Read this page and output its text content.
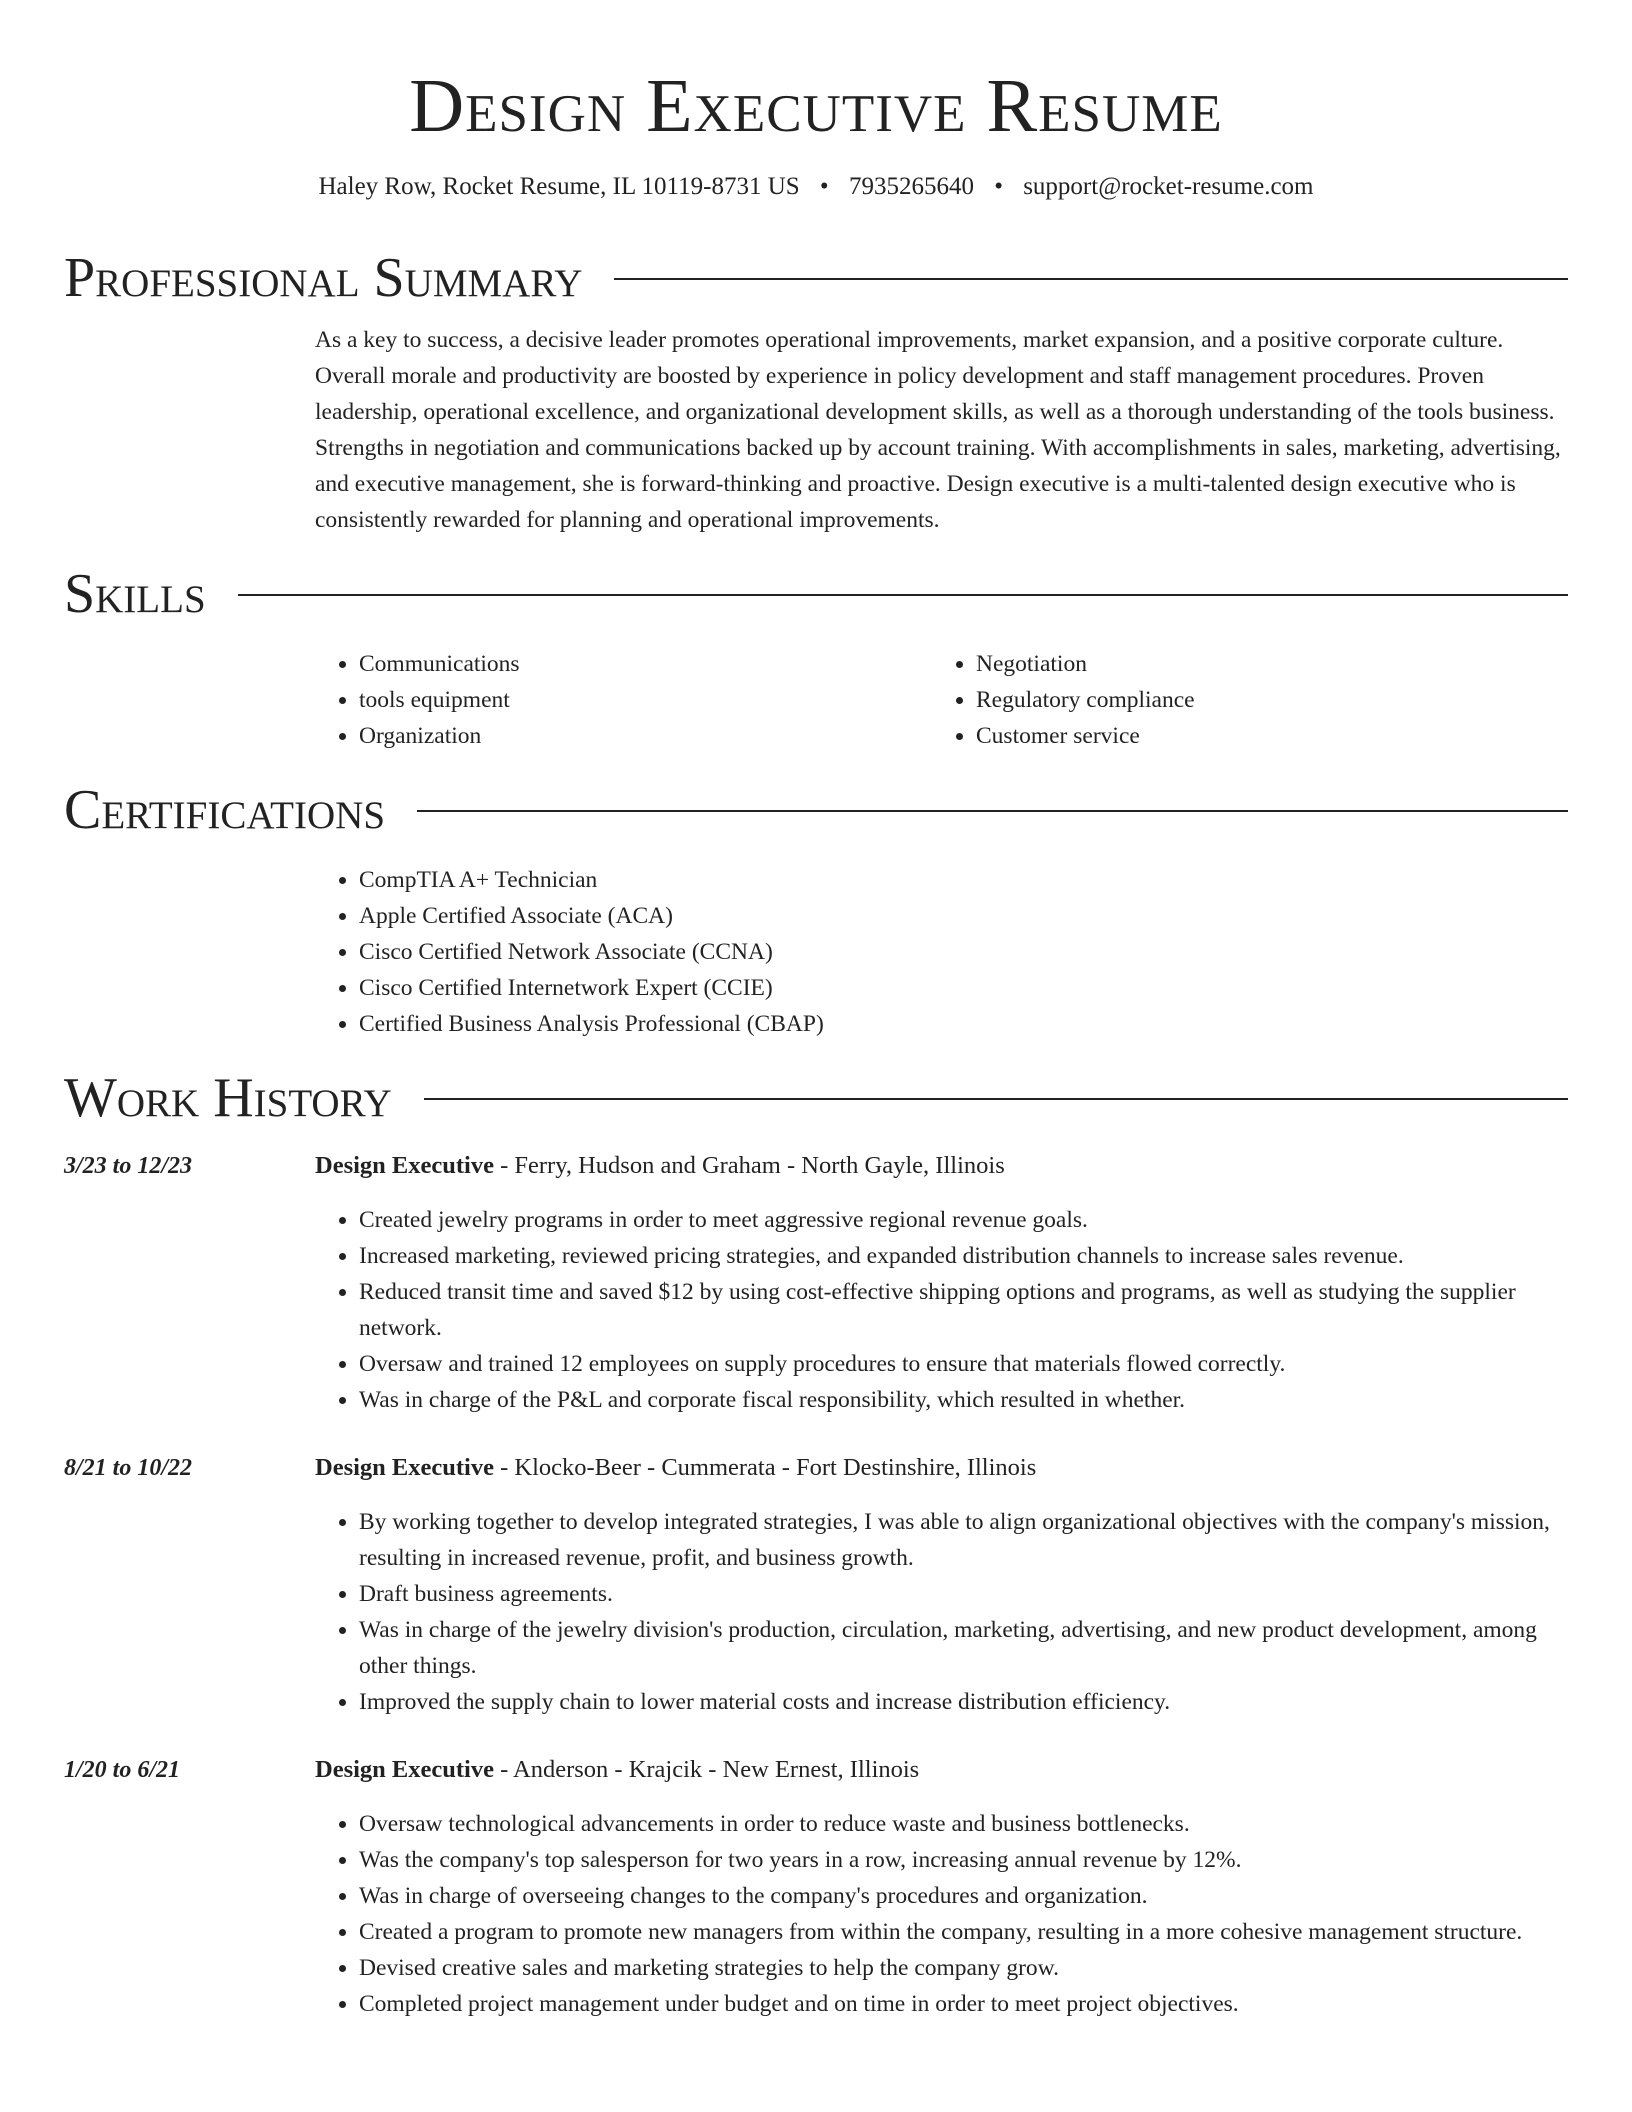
Design Executive Resume
Haley Row, Rocket Resume, IL 10119-8731 US • 7935265640 • support@rocket-resume.com
Professional Summary

As a key to success, a decisive leader promotes operational improvements, market expansion, and a positive corporate culture. Overall morale and productivity are boosted by experience in policy development and staff management procedures. Proven leadership, operational excellence, and organizational development skills, as well as a thorough understanding of the tools business. Strengths in negotiation and communications backed up by account training. With accomplishments in sales, marketing, advertising, and executive management, she is forward-thinking and proactive. Design executive is a multi-talented design executive who is consistently rewarded for planning and operational improvements.

Skills
• Communications
• tools equipment
• Organization
• Negotiation
• Regulatory compliance
• Customer service
Certifications
• CompTIA A+ Technician
• Apple Certified Associate (ACA)
• Cisco Certified Network Associate (CCNA)
• Cisco Certified Internetwork Expert (CCIE)
• Certified Business Analysis Professional (CBAP)
Work History
3/23 to 12/23	Design Executive - Ferry, Hudson and Graham - North Gayle, Illinois
• Created jewelry programs in order to meet aggressive regional revenue goals.
• Increased marketing, reviewed pricing strategies, and expanded distribution channels to increase sales revenue.
• Reduced transit time and saved $12 by using cost-effective shipping options and programs, as well as studying the supplier network.
• Oversaw and trained 12 employees on supply procedures to ensure that materials flowed correctly.
• Was in charge of the P&L and corporate fiscal responsibility, which resulted in whether.
8/21 to 10/22	Design Executive - Klocko-Beer - Cummerata - Fort Destinshire, Illinois
• By working together to develop integrated strategies, I was able to align organizational objectives with the company's mission, resulting in increased revenue, profit, and business growth.
• Draft business agreements.
• Was in charge of the jewelry division's production, circulation, marketing, advertising, and new product development, among other things.
• Improved the supply chain to lower material costs and increase distribution efficiency.
1/20 to 6/21	Design Executive - Anderson - Krajcik - New Ernest, Illinois
• Oversaw technological advancements in order to reduce waste and business bottlenecks.
• Was the company's top salesperson for two years in a row, increasing annual revenue by 12%.
• Was in charge of overseeing changes to the company's procedures and organization.
• Created a program to promote new managers from within the company, resulting in a more cohesive management structure.
• Devised creative sales and marketing strategies to help the company grow.
• Completed project management under budget and on time in order to meet project objectives.
